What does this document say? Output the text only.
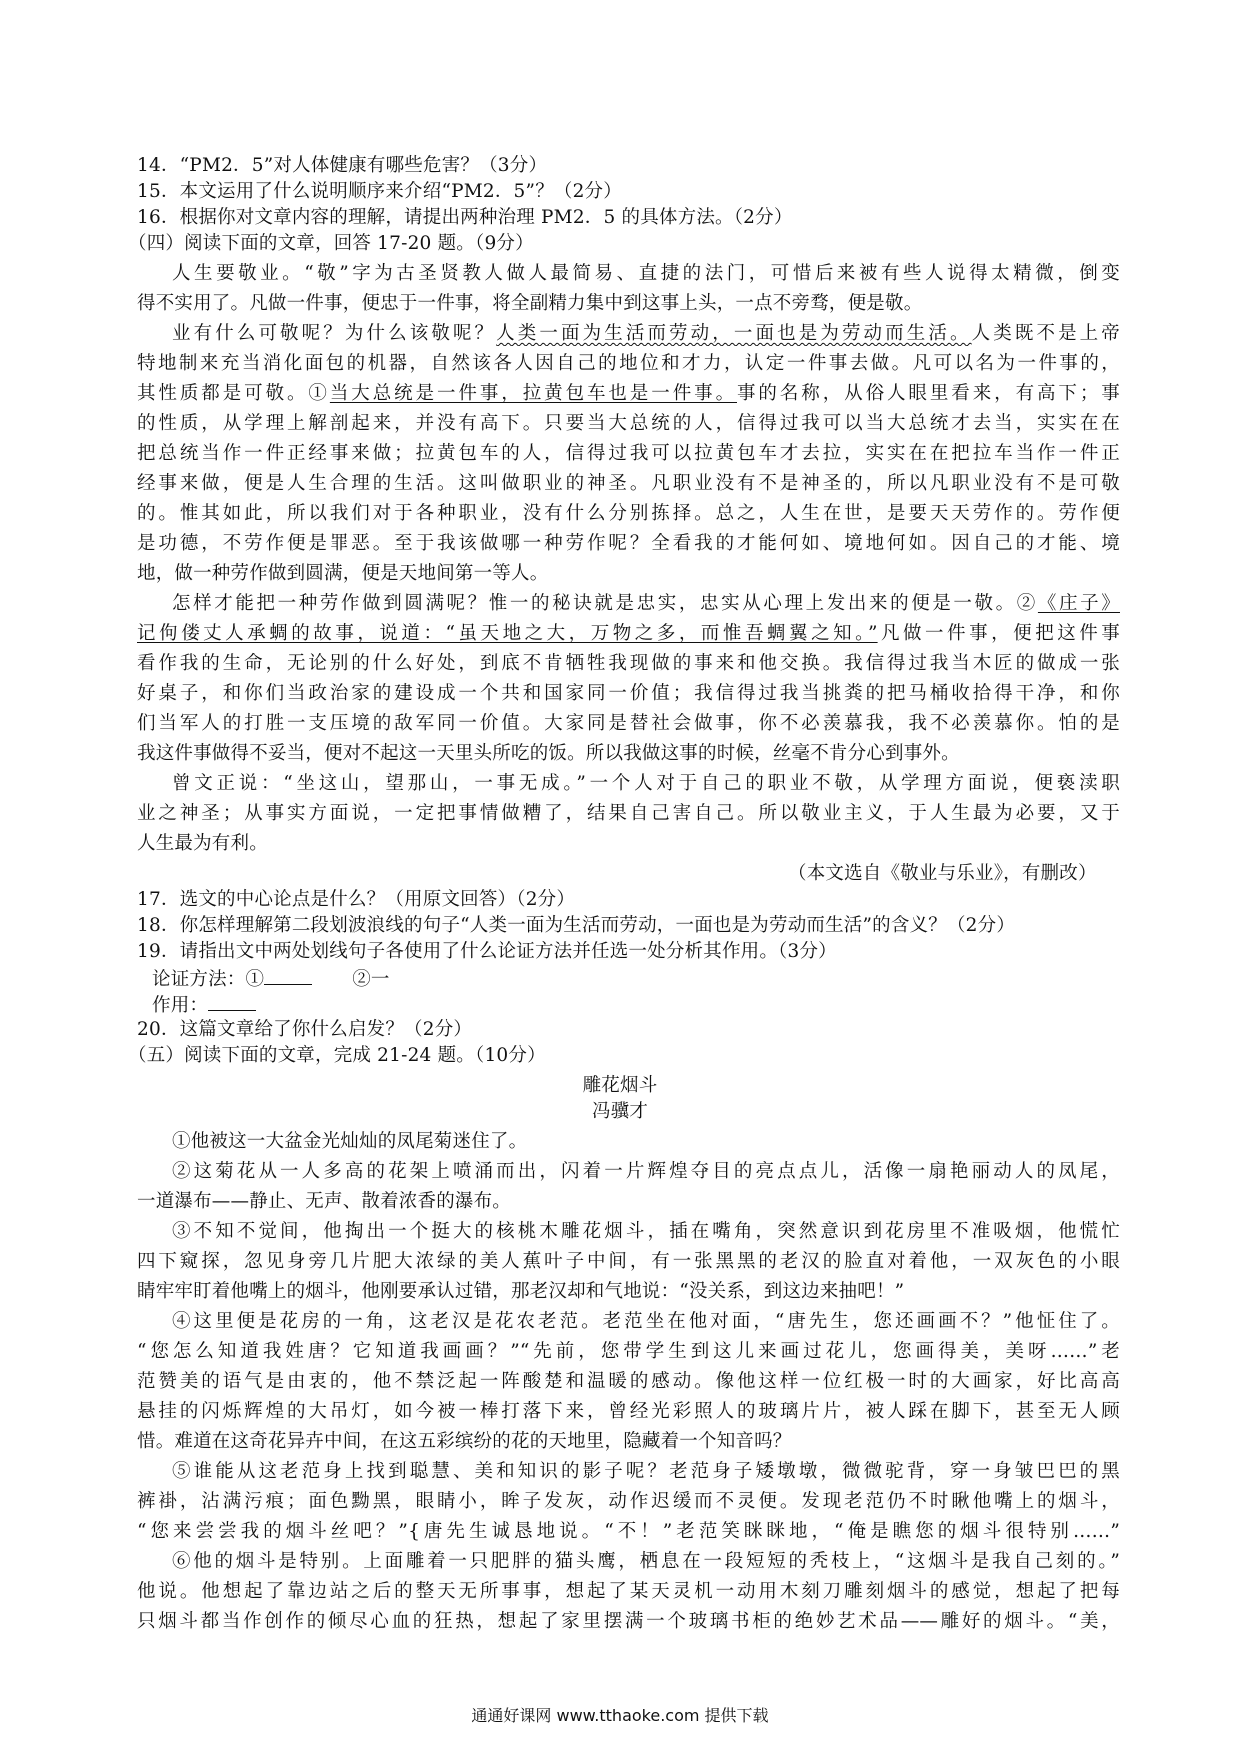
14．“PM2．5”对人体健康有哪些危害？（3分）
15．本文运用了什么说明顺序来介绍“PM2．5”？（2分）
16．根据你对文章内容的理解，请提出两种治理 PM2．5 的具体方法。（2分）
（四）阅读下面的文章，回答 17-20 题。（9分）
人生要敬业。“敬”字为古圣贤教人做人最简易、直捷的法门，可惜后来被有些人说得太精微，倒变
得不实用了。凡做一件事，便忠于一件事，将全副精力集中到这事上头，一点不旁骛，便是敬。
业有什么可敬呢？为什么该敬呢？人类一面为生活而劳动，一面也是为劳动而生活。人类既不是上帝
特地制来充当消化面包的机器，自然该各人因自己的地位和才力，认定一件事去做。凡可以名为一件事的，
其性质都是可敬。①当大总统是一件事，拉黄包车也是一件事。事的名称，从俗人眼里看来，有高下；事
的性质，从学理上解剖起来，并没有高下。只要当大总统的人，信得过我可以当大总统才去当，实实在在
把总统当作一件正经事来做；拉黄包车的人，信得过我可以拉黄包车才去拉，实实在在把拉车当作一件正
经事来做，便是人生合理的生活。这叫做职业的神圣。凡职业没有不是神圣的，所以凡职业没有不是可敬
的。惟其如此，所以我们对于各种职业，没有什么分别拣择。总之，人生在世，是要天天劳作的。劳作便
是功德，不劳作便是罪恶。至于我该做哪一种劳作呢？全看我的才能何如、境地何如。因自己的才能、境
地，做一种劳作做到圆满，便是天地间第一等人。
怎样才能把一种劳作做到圆满呢？惟一的秘诀就是忠实，忠实从心理上发出来的便是一敬。②《庄子》
记佝偻丈人承蜩的故事，说道：“虽天地之大，万物之多，而惟吾蜩翼之知。”凡做一件事，便把这件事
看作我的生命，无论别的什么好处，到底不肯牺牲我现做的事来和他交换。我信得过我当木匠的做成一张
好桌子，和你们当政治家的建设成一个共和国家同一价值；我信得过我当挑粪的把马桶收拾得干净，和你
们当军人的打胜一支压境的敌军同一价值。大家同是替社会做事，你不必羡慕我，我不必羡慕你。怕的是
我这件事做得不妥当，便对不起这一天里头所吃的饭。所以我做这事的时候，丝毫不肯分心到事外。
曾文正说：“坐这山，望那山，一事无成。”一个人对于自己的职业不敬，从学理方面说，便亵渎职
业之神圣；从事实方面说，一定把事情做糟了，结果自己害自己。所以敬业主义，于人生最为必要，又于
人生最为有利。
（本文选自《敬业与乐业》，有删改）
17．选文的中心论点是什么？（用原文回答）（2分）
18．你怎样理解第二段划波浪线的句子“人类一面为生活而劳动，一面也是为劳动而生活”的含义？（2分）
19．请指出文中两处划线句子各使用了什么论证方法并任选一处分析其作用。（3分）
论证方法：①	②一
作用：
20．这篇文章给了你什么启发？（2分）
（五）阅读下面的文章，完成 21-24 题。（10分）
雕花烟斗
冯骥才
①他被这一大盆金光灿灿的凤尾菊迷住了。
②这菊花从一人多高的花架上喷涌而出，闪着一片辉煌夺目的亮点点儿，活像一扇艳丽动人的凤尾，
一道瀑布——静止、无声、散着浓香的瀑布。
③不知不觉间，他掏出一个挺大的核桃木雕花烟斗，插在嘴角，突然意识到花房里不准吸烟，他慌忙
四下窥探，忽见身旁几片肥大浓绿的美人蕉叶子中间，有一张黑黑的老汉的脸直对着他，一双灰色的小眼
睛牢牢盯着他嘴上的烟斗，他刚要承认过错，那老汉却和气地说：“没关系，到这边来抽吧！”
④这里便是花房的一角，这老汉是花农老范。老范坐在他对面，“唐先生，您还画画不？”他怔住了。
“您怎么知道我姓唐？它知道我画画？”“先前，您带学生到这儿来画过花儿，您画得美，美呀……”老
范赞美的语气是由衷的，他不禁泛起一阵酸楚和温暖的感动。像他这样一位红极一时的大画家，好比高高
悬挂的闪烁辉煌的大吊灯，如今被一棒打落下来，曾经光彩照人的玻璃片片，被人踩在脚下，甚至无人顾
惜。难道在这奇花异卉中间，在这五彩缤纷的花的天地里，隐藏着一个知音吗？
⑤谁能从这老范身上找到聪慧、美和知识的影子呢？老范身子矮墩墩，微微驼背，穿一身皱巴巴的黑
裤褂，沾满污痕；面色黝黑，眼睛小，眸子发灰，动作迟缓而不灵便。发现老范仍不时瞅他嘴上的烟斗，
“您来尝尝我的烟斗丝吧？”{唐先生诚恳地说。“不！”老范笑眯眯地，“俺是瞧您的烟斗很特别……”
⑥他的烟斗是特别。上面雕着一只肥胖的猫头鹰，栖息在一段短短的秃枝上，“这烟斗是我自己刻的。”
他说。他想起了靠边站之后的整天无所事事，想起了某天灵机一动用木刻刀雕刻烟斗的感觉，想起了把每
只烟斗都当作创作的倾尽心血的狂热，想起了家里摆满一个玻璃书柜的绝妙艺术品——雕好的烟斗。“美，
通通好课网 www.tthaoke.com 提供下载
